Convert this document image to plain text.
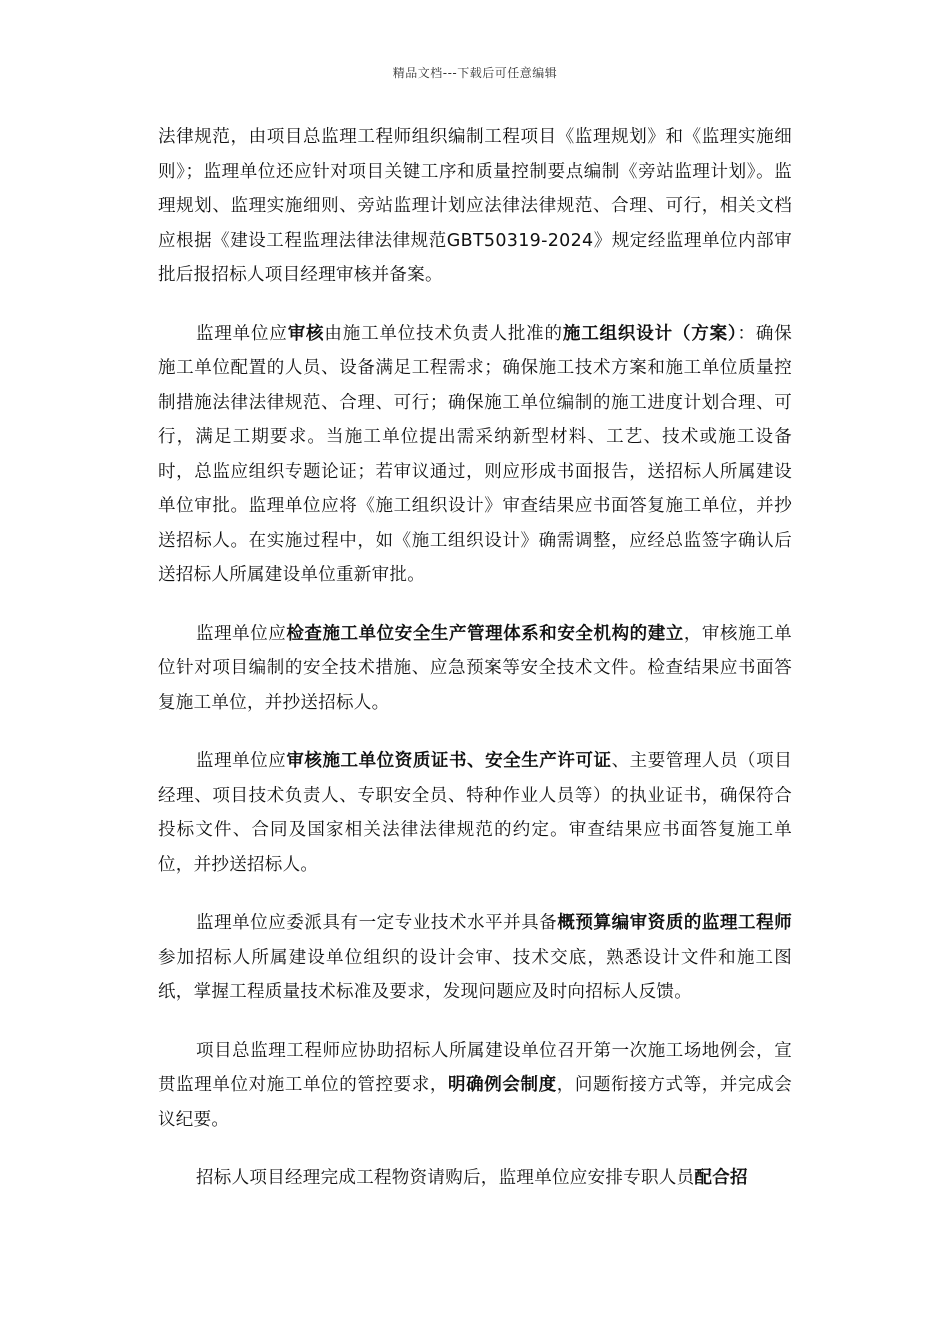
精品文档---下载后可任意编辑

法律规范，由项目总监理工程师组织编制工程项目《监理规划》和《监理实施细则》；监理单位还应针对项目关键工序和质量控制要点编制《旁站监理计划》。监理规划、监理实施细则、旁站监理计划应法律法律规范、合理、可行，相关文档应根据《建设工程监理法律法律规范GBT50319-2024》规定经监理单位内部审批后报招标人项目经理审核并备案。

监理单位应审核由施工单位技术负责人批准的施工组织设计（方案）：确保施工单位配置的人员、设备满足工程需求；确保施工技术方案和施工单位质量控制措施法律法律规范、合理、可行；确保施工单位编制的施工进度计划合理、可行，满足工期要求。当施工单位提出需采纳新型材料、工艺、技术或施工设备时，总监应组织专题论证；若审议通过，则应形成书面报告，送招标人所属建设单位审批。监理单位应将《施工组织设计》审查结果应书面答复施工单位，并抄送招标人。在实施过程中，如《施工组织设计》确需调整，应经总监签字确认后送招标人所属建设单位重新审批。

监理单位应检查施工单位安全生产管理体系和安全机构的建立，审核施工单位针对项目编制的安全技术措施、应急预案等安全技术文件。检查结果应书面答复施工单位，并抄送招标人。

监理单位应审核施工单位资质证书、安全生产许可证、主要管理人员（项目经理、项目技术负责人、专职安全员、特种作业人员等）的执业证书，确保符合投标文件、合同及国家相关法律法律规范的约定。审查结果应书面答复施工单位，并抄送招标人。

监理单位应委派具有一定专业技术水平并具备概预算编审资质的监理工程师参加招标人所属建设单位组织的设计会审、技术交底，熟悉设计文件和施工图纸，掌握工程质量技术标准及要求，发现问题应及时向招标人反馈。

项目总监理工程师应协助招标人所属建设单位召开第一次施工场地例会，宣贯监理单位对施工单位的管控要求，明确例会制度，问题衔接方式等，并完成会议纪要。

招标人项目经理完成工程物资请购后，监理单位应安排专职人员配合招
